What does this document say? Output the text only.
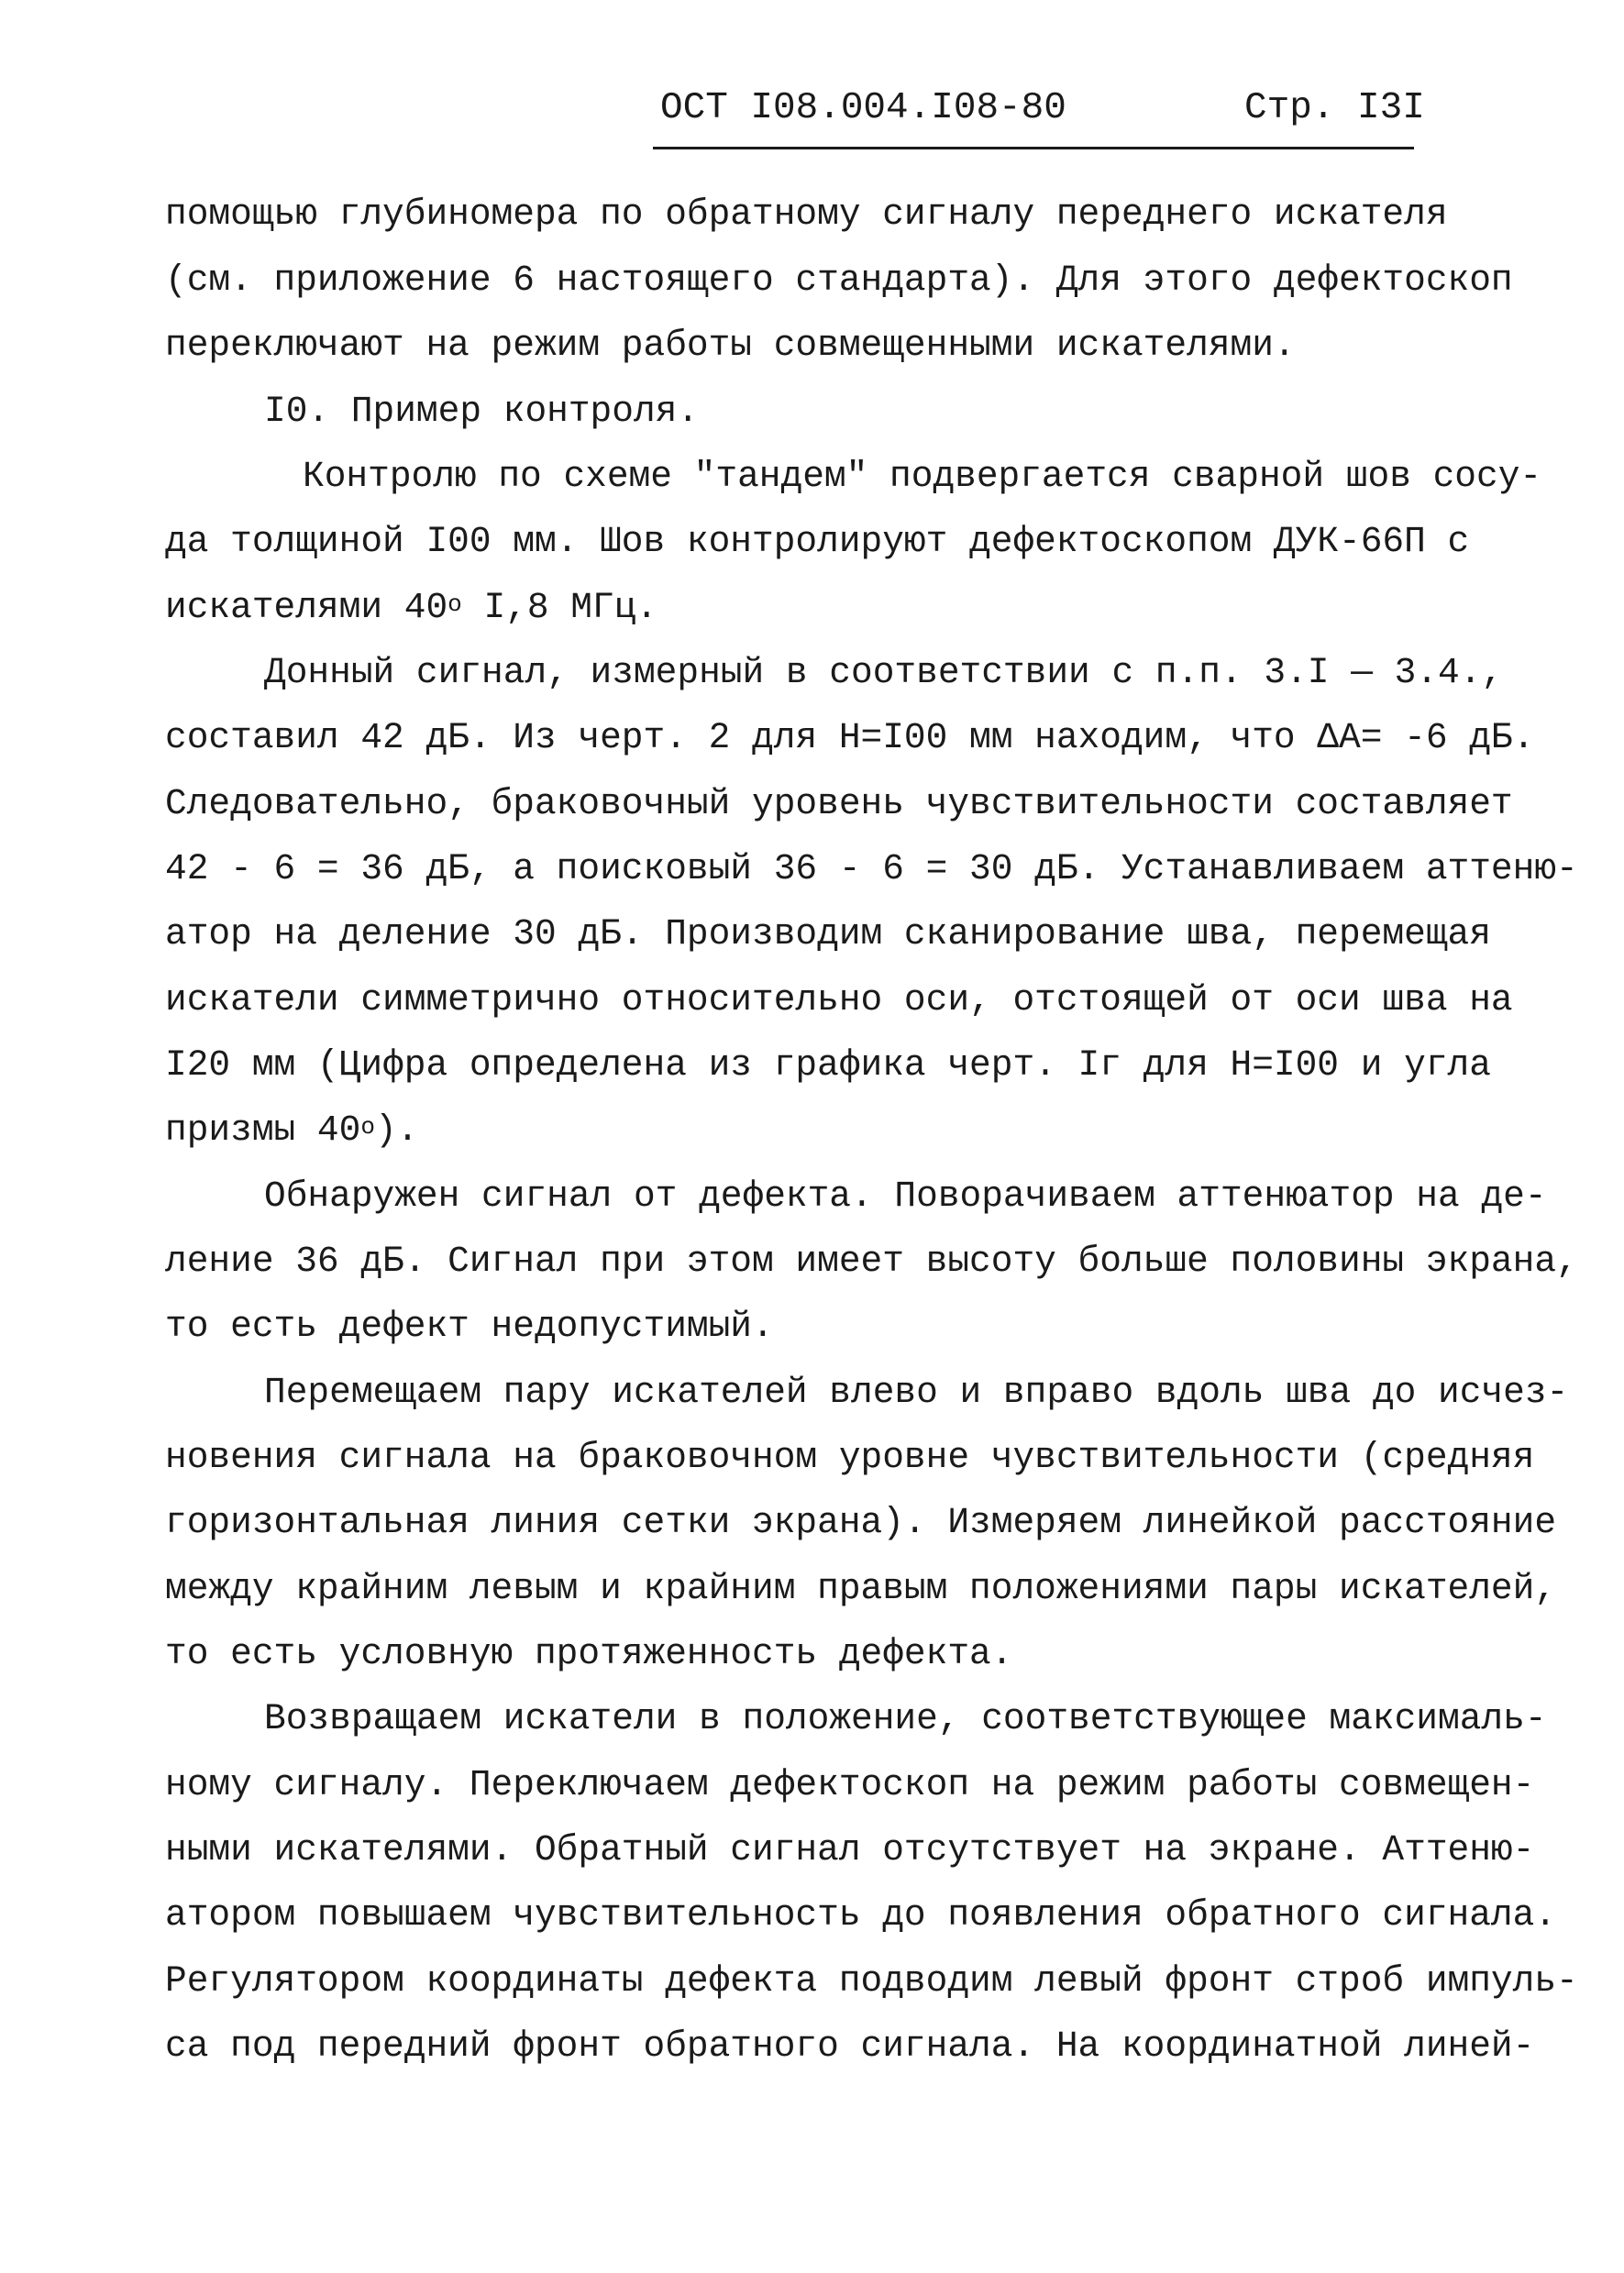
ОСТ I08.004.I08-80	Стр. I3I
помощью глубиномера по обратному сигналу переднего искателя
(см. приложение 6 настоящего стандарта). Для этого дефектоскоп
переключают на режим работы совмещенными искателями.
I0. Пример контроля.
Контролю по схеме "тандем" подвергается сварной шов сосу-
да толщиной I00 мм. Шов контролируют дефектоскопом ДУК-66П с
искателями 40$^o$ I,8 МГц.
Донный сигнал, измерный в соответствии с п.п. 3.I — 3.4.,
составил 42 дБ. Из черт. 2 для Н=I00 мм находим, что ΔА= -6 дБ.
Следовательно, браковочный уровень чувствительности составляет
42 - 6 = 36 дБ, а поисковый 36 - 6 = 30 дБ. Устанавливаем аттеню-
атор на деление 30 дБ. Производим сканирование шва, перемещая
искатели симметрично относительно оси, отстоящей от оси шва на
I20 мм (Цифра определена из графика черт. Iг для Н=I00 и угла
призмы 40$^o$).
Обнаружен сигнал от дефекта. Поворачиваем аттенюатор на де-
ление 36 дБ. Сигнал при этом имеет высоту больше половины экрана,
то есть дефект недопустимый.
Перемещаем пару искателей влево и вправо вдоль шва до исчез-
новения сигнала на браковочном уровне чувствительности (средняя
горизонтальная линия сетки экрана). Измеряем линейкой расстояние
между крайним левым и крайним правым положениями пары искателей,
то есть условную протяженность дефекта.
Возвращаем искатели в положение, соответствующее максималь-
ному сигналу. Переключаем дефектоскоп на режим работы совмещен-
ными искателями. Обратный сигнал отсутствует на экране. Аттеню-
атором повышаем чувствительность до появления обратного сигнала.
Регулятором координаты дефекта подводим левый фронт строб импуль-
са под передний фронт обратного сигнала. На координатной линей-
